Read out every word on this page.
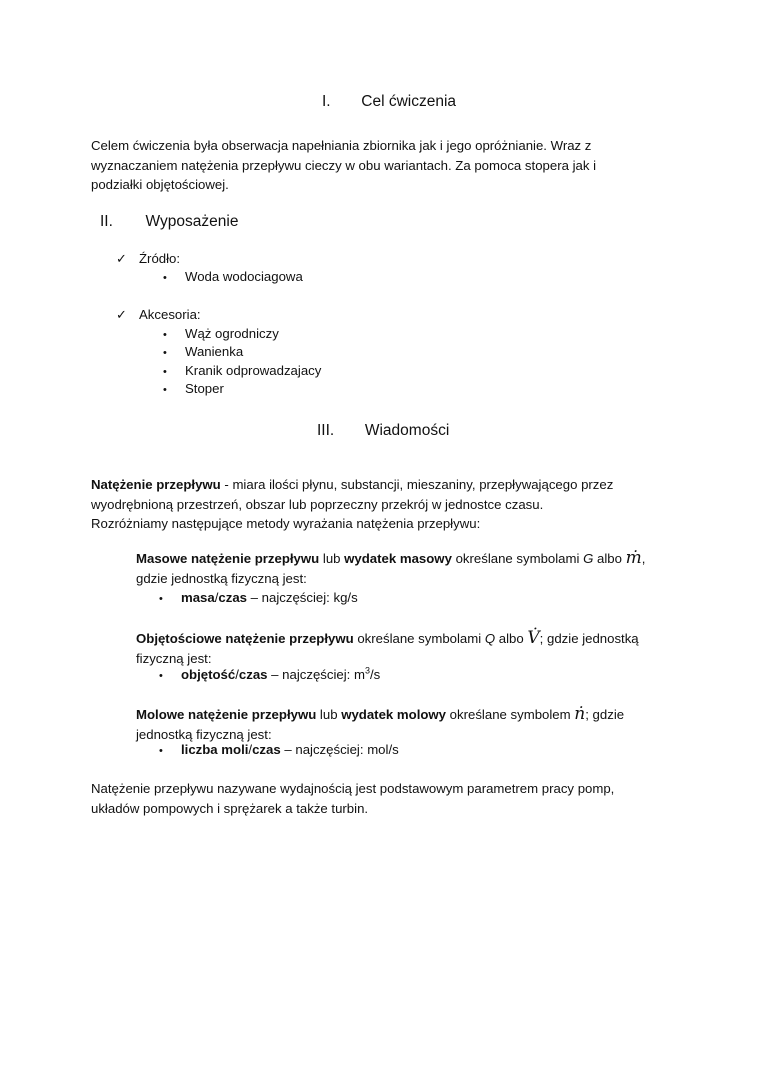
I. Cel ćwiczenia
Celem ćwiczenia była obserwacja napełniania zbiornika jak i jego opróżnianie. Wraz z
wyznaczaniem natężenia przepływu cieczy w obu wariantach. Za pomoca stopera jak i
podziałki objętościowej.
II. Wyposażenie
✓ Źródło:
• Woda wodociagowa
✓ Akcesoria:
• Wąż ogrodniczy
• Wanienka
• Kranik odprowadzajacy
• Stoper
III. Wiadomości
Natężenie przepływu - miara ilości płynu, substancji, mieszaniny, przepływającego przez
wyodrębnioną przestrzeń, obszar lub poprzeczny przekrój w jednostce czasu.
Rozróżniamy następujące metody wyrażania natężenia przepływu:
Masowe natężenie przepływu lub wydatek masowy określane symbolami G albo ṁ,
gdzie jednostką fizyczną jest:
• masa/czas – najczęściej: kg/s
Objętościowe natężenie przepływu określane symbolami Q albo V̇; gdzie jednostką
fizyczną jest:
• objętość/czas – najczęściej: $m^3/s$
Molowe natężenie przepływu lub wydatek molowy określane symbolem ṅ; gdzie
jednostką fizyczną jest:
• liczba moli/czas – najczęściej: mol/s
Natężenie przepływu nazywane wydajnością jest podstawowym parametrem pracy pomp,
układów pompowych i sprężarek a także turbin.
